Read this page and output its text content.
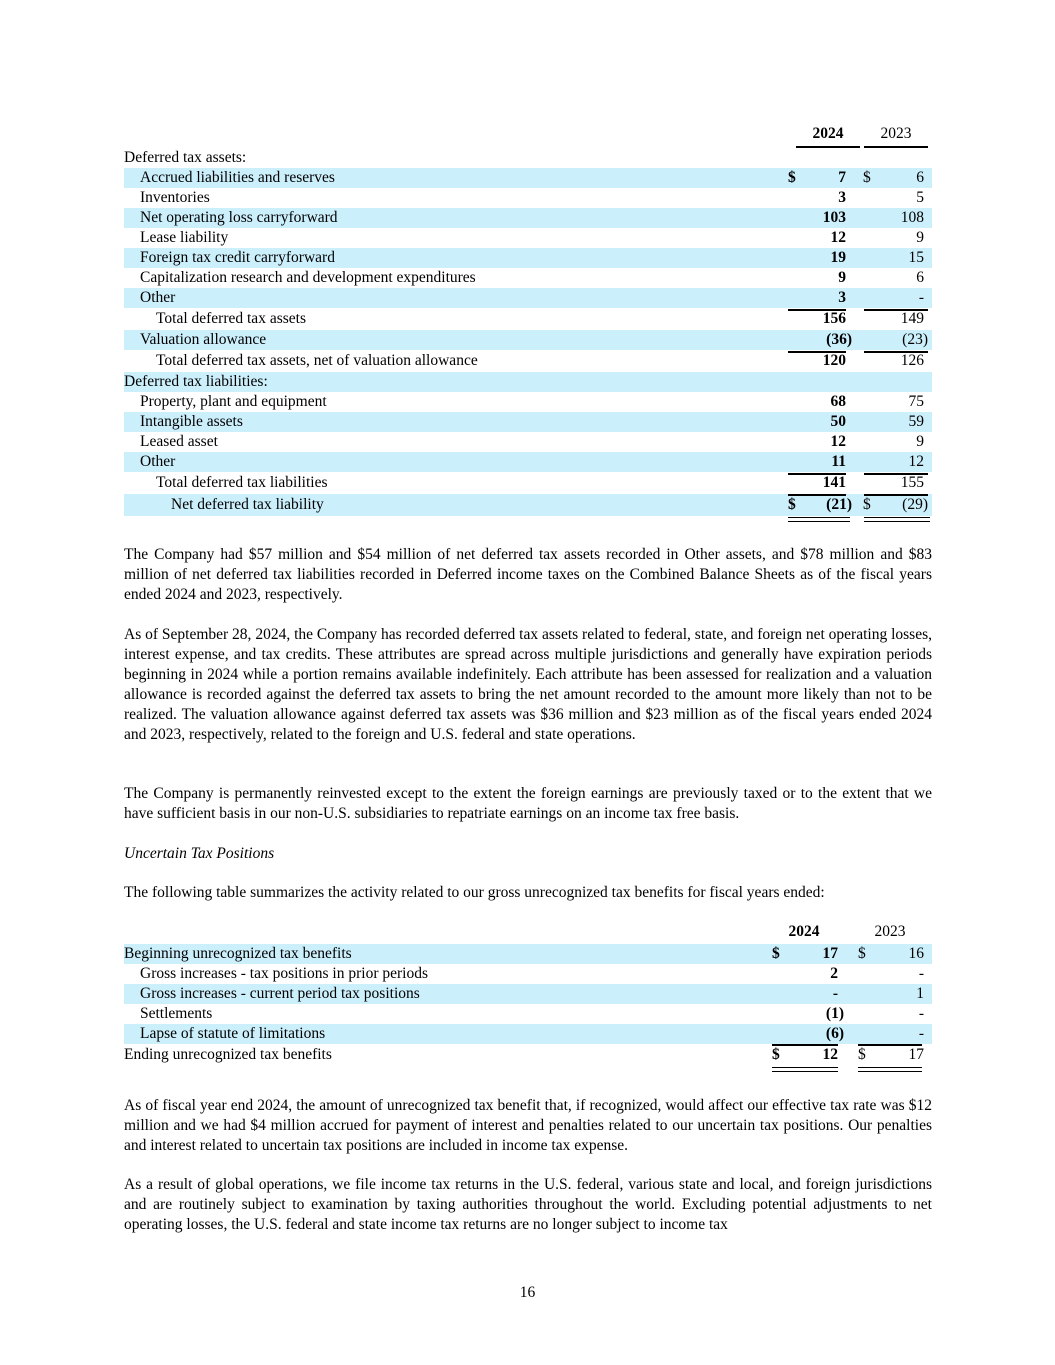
2024	2023
Deferred tax assets:
Accrued liabilities and reserves	$	7 $	6
Inventories	3	5
Net operating loss carryforward	103	108
Lease liability	12	9
Foreign tax credit carryforward	19	15
Capitalization research and development expenditures	9	6
Other	3	-
Total deferred tax assets	156	149
Valuation allowance	(36)	(23)
Total deferred tax assets, net of valuation allowance	120	126
Deferred tax liabilities:
Property, plant and equipment	68	75
Intangible assets	50	59
Leased asset	12	9
Other	11	12
Total deferred tax liabilities	141	155
Net deferred tax liability	$ (21) $ (29)

The Company had $57 million and $54 million of net deferred tax assets recorded in Other assets, and $78 million and $83 million of net deferred tax liabilities recorded in Deferred income taxes on the Combined Balance Sheets as of the fiscal years ended 2024 and 2023, respectively.

As of September 28, 2024, the Company has recorded deferred tax assets related to federal, state, and foreign net operating losses, interest expense, and tax credits. These attributes are spread across multiple jurisdictions and generally have expiration periods beginning in 2024 while a portion remains available indefinitely. Each attribute has been assessed for realization and a valuation allowance is recorded against the deferred tax assets to bring the net amount recorded to the amount more likely than not to be realized. The valuation allowance against deferred tax assets was $36 million and $23 million as of the fiscal years ended 2024 and 2023, respectively, related to the foreign and U.S. federal and state operations.

The Company is permanently reinvested except to the extent the foreign earnings are previously taxed or to the extent that we have sufficient basis in our non-U.S. subsidiaries to repatriate earnings on an income tax free basis.

Uncertain Tax Positions

The following table summarizes the activity related to our gross unrecognized tax benefits for fiscal years ended:

2024	2023
Beginning unrecognized tax benefits	$	17 $	16
Gross increases - tax positions in prior periods	2	-
Gross increases - current period tax positions	-	1
Settlements	(1)	-
Lapse of statute of limitations	(6)	-
Ending unrecognized tax benefits	$	12 $	17

As of fiscal year end 2024, the amount of unrecognized tax benefit that, if recognized, would affect our effective tax rate was $12 million and we had $4 million accrued for payment of interest and penalties related to our uncertain tax positions. Our penalties and interest related to uncertain tax positions are included in income tax expense.

As a result of global operations, we file income tax returns in the U.S. federal, various state and local, and foreign jurisdictions and are routinely subject to examination by taxing authorities throughout the world. Excluding potential adjustments to net operating losses, the U.S. federal and state income tax returns are no longer subject to income tax

16
